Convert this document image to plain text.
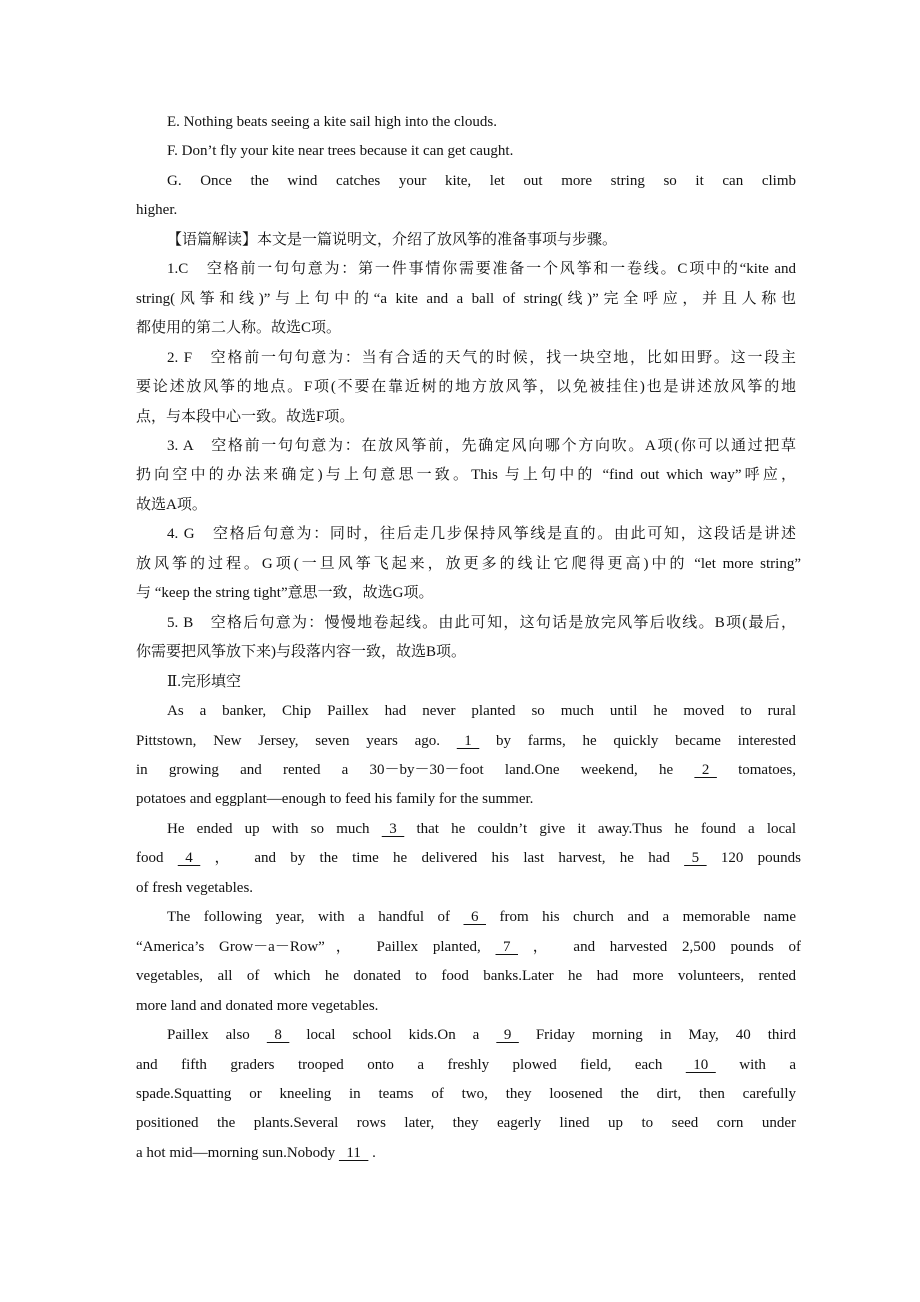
E. Nothing beats seeing a kite sail high into the clouds.
F. Don’t fly your kite near trees because it can get caught.
G. Once the wind catches your kite, let out more string so it can climb
higher.
【语篇解读】本文是一篇说明文，介绍了放风筝的准备事项与步骤。
1.C　空格前一句句意为：第一件事情你需要准备一个风筝和一卷线。C项中的“kite and
string(风筝和线)”与上句中的“a kite and a ball of string(线)”完全呼应，并且人称也
都使用的第二人称。故选C项。
2. F　空格前一句句意为：当有合适的天气的时候，找一块空地，比如田野。这一段主
要论述放风筝的地点。F项(不要在靠近树的地方放风筝，以免被挂住)也是讲述放风筝的地
点，与本段中心一致。故选F项。
3. A　空格前一句句意为：在放风筝前，先确定风向哪个方向吹。A项(你可以通过把草
扔向空中的办法来确定)与上句意思一致。This 与上句中的 “find out which way”呼应，
故选A项。
4. G　空格后句意为：同时，往后走几步保持风筝线是直的。由此可知，这段话是讲述
放风筝的过程。G项(一旦风筝飞起来，放更多的线让它爬得更高)中的 “let more string”
与 “keep the string tight”意思一致，故选G项。
5. B　空格后句意为：慢慢地卷起线。由此可知，这句话是放完风筝后收线。B项(最后，
你需要把风筝放下来)与段落内容一致，故选B项。
Ⅱ.完形填空
As a banker, Chip Paillex had never planted so much until he moved to rural
Pittstown, New Jersey, seven years ago.   1   by farms, he quickly became interested
in growing and rented a 30－by－30－foot land.One weekend, he   2   tomatoes,
potatoes and eggplant—enough to feed his family for the summer.
He ended up with so much   3   that he couldn’t give it away.Thus he found a local
food   4   ， and by the time he delivered his last harvest, he had   5   120 pounds
of fresh vegetables.
The following year, with a handful of   6   from his church and a memorable name
“America’s Grow－a－Row”， Paillex planted,   7   ， and harvested 2,500 pounds of
vegetables, all of which he donated to food banks.Later he had more volunteers, rented
more land and donated more vegetables.
Paillex also   8   local school kids.On a   9   Friday morning in May, 40 third
and fifth graders trooped onto a freshly plowed field, each   10   with a
spade.Squatting or kneeling in teams of two, they loosened the dirt, then carefully
positioned the plants.Several rows later, they eagerly lined up to seed corn under
a hot mid—morning sun.Nobody   11   .
